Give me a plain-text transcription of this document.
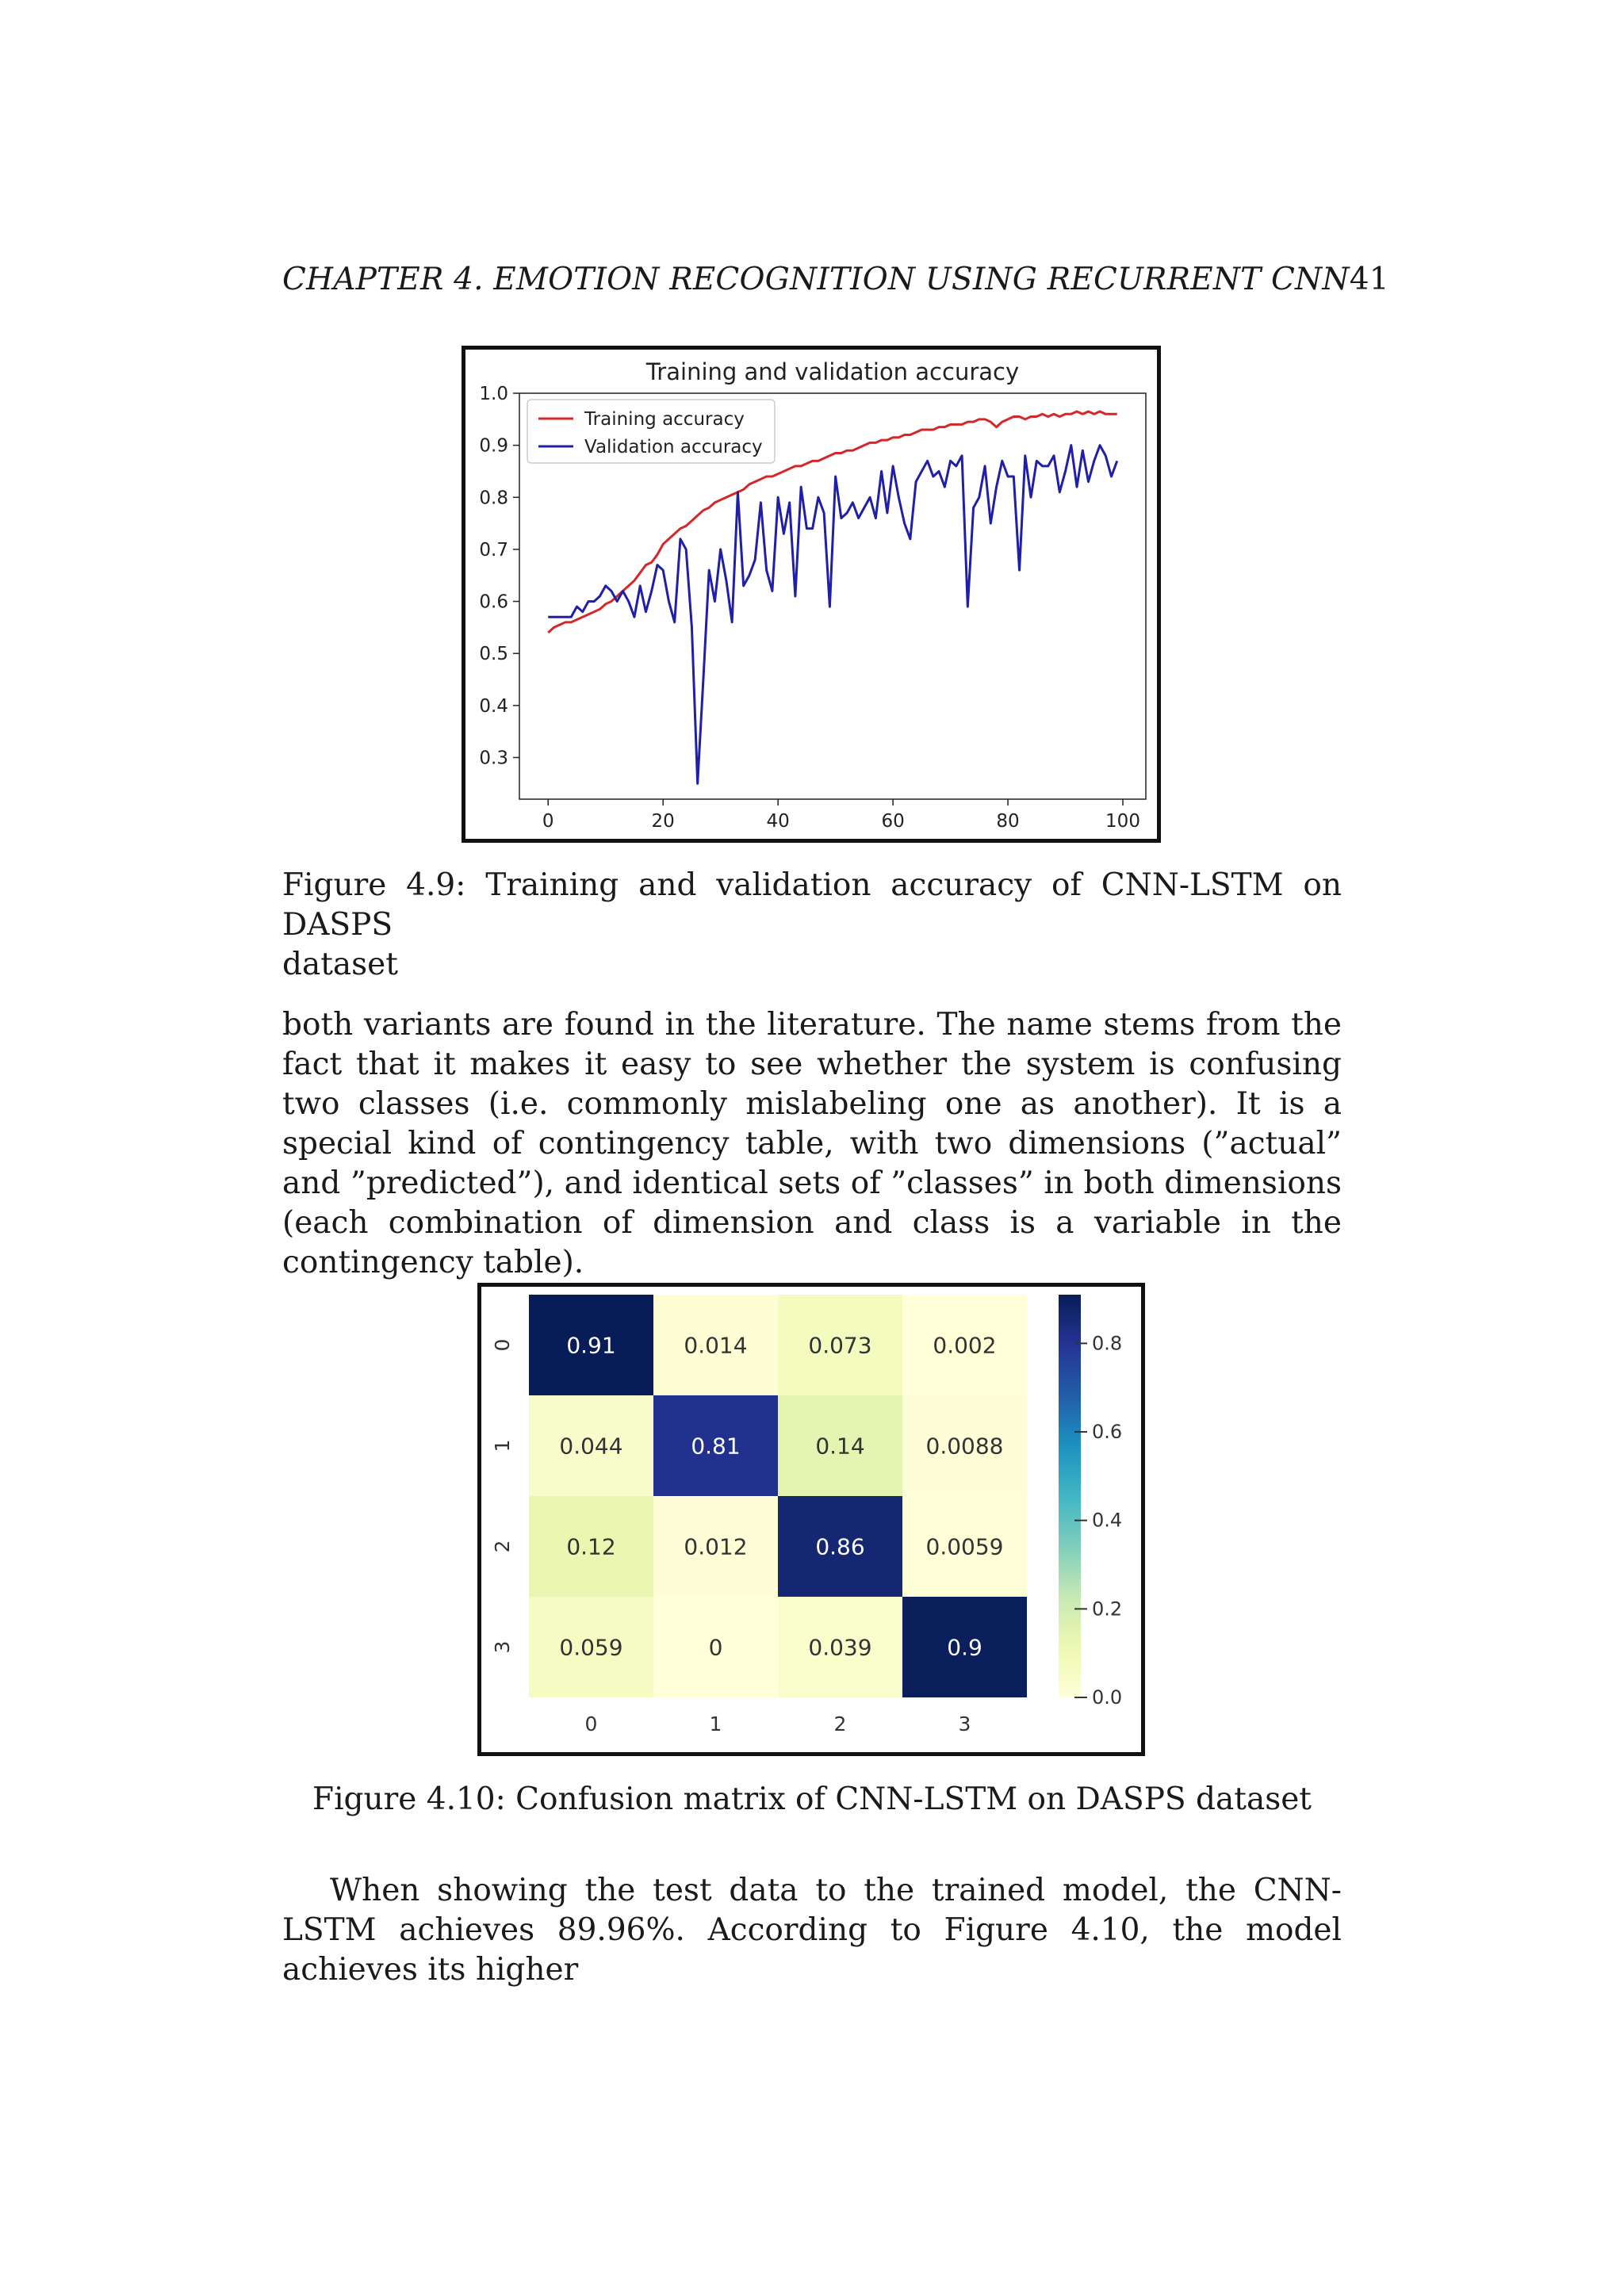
CHAPTER 4. EMOTION RECOGNITION USING RECURRENT CNN 41
Training and validation accuracy
0	20	40	60	80	100
1.0
0.9
0.8
0.7
0.6
0.5
0.4
0.3
Training accuracy
Validation accuracy
Figure 4.9: Training and validation accuracy of CNN-LSTM on DASPS
dataset
both variants are found in the literature. The name stems from the fact that it makes it easy to see whether the system is confusing two classes (i.e. commonly mislabeling one as another). It is a special kind of contingency table, with two dimensions (”actual” and ”predicted”), and identical sets of ”classes” in both dimensions (each combination of dimension and class is a variable in the contingency table).
0.91	0.014	0.073	0.002
0.044	0.81	0.14	0.0088
0.12	0.012	0.86	0.0059
0.059	0	0.039	0.9
0	1	2	3
0
1
2
3
0.0
0.2
0.4
0.6
0.8
Figure 4.10: Confusion matrix of CNN-LSTM on DASPS dataset
When showing the test data to the trained model, the CNN-LSTM achieves 89.96%. According to Figure 4.10, the model achieves its higher
